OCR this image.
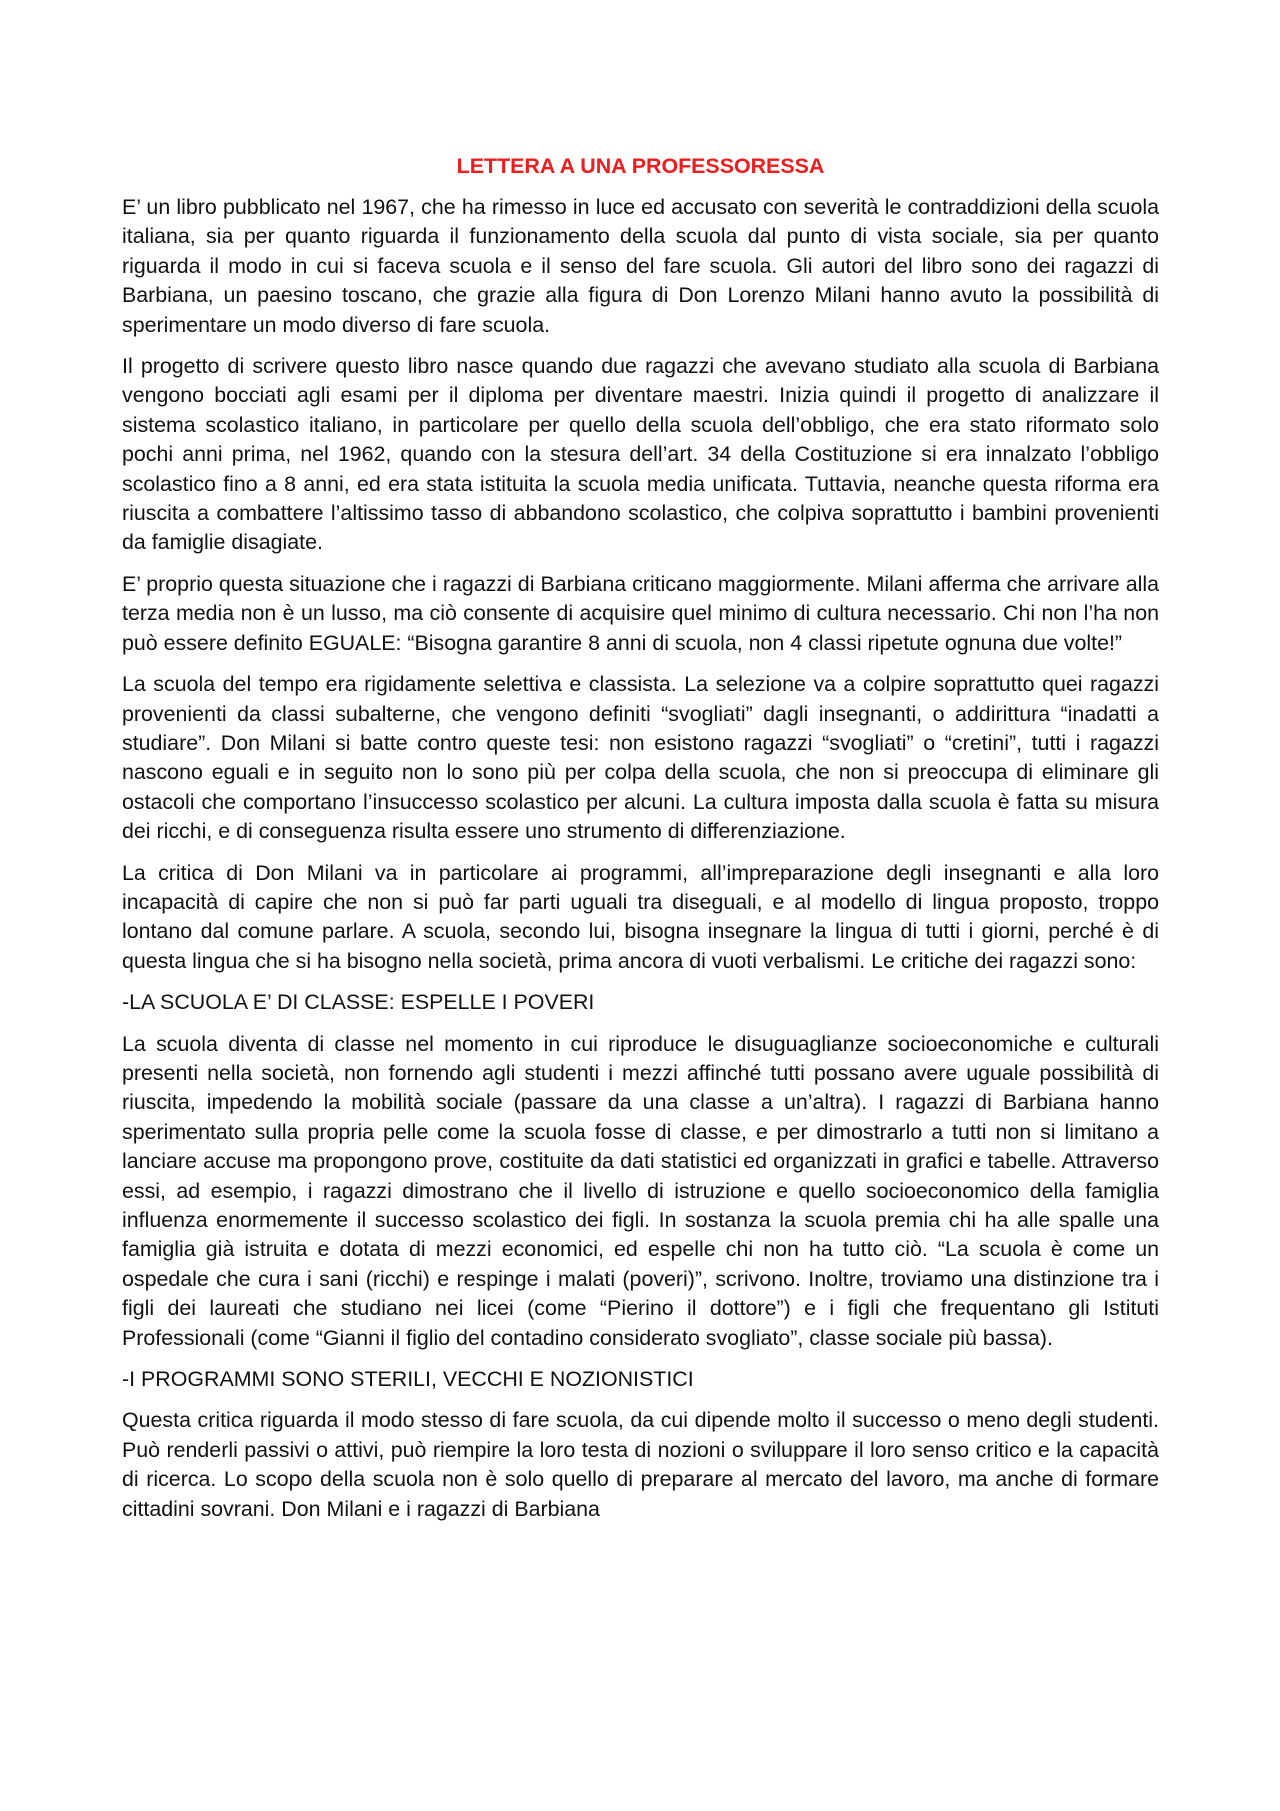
LETTERA A UNA PROFESSORESSA

E’ un libro pubblicato nel 1967, che ha rimesso in luce ed accusato con severità le contraddizioni della scuola italiana, sia per quanto riguarda il funzionamento della scuola dal punto di vista sociale, sia per quanto riguarda il modo in cui si faceva scuola e il senso del fare scuola. Gli autori del libro sono dei ragazzi di Barbiana, un paesino toscano, che grazie alla figura di Don Lorenzo Milani hanno avuto la possibilità di sperimentare un modo diverso di fare scuola.

Il progetto di scrivere questo libro nasce quando due ragazzi che avevano studiato alla scuola di Barbiana vengono bocciati agli esami per il diploma per diventare maestri. Inizia quindi il progetto di analizzare il sistema scolastico italiano, in particolare per quello della scuola dell’obbligo, che era stato riformato solo pochi anni prima, nel 1962, quando con la stesura dell’art. 34 della Costituzione si era innalzato l’obbligo scolastico fino a 8 anni, ed era stata istituita la scuola media unificata. Tuttavia, neanche questa riforma era riuscita a combattere l’altissimo tasso di abbandono scolastico, che colpiva soprattutto i bambini provenienti da famiglie disagiate.

E’ proprio questa situazione che i ragazzi di Barbiana criticano maggiormente. Milani afferma che arrivare alla terza media non è un lusso, ma ciò consente di acquisire quel minimo di cultura necessario. Chi non l’ha non può essere definito EGUALE: “Bisogna garantire 8 anni di scuola, non 4 classi ripetute ognuna due volte!”

La scuola del tempo era rigidamente selettiva e classista. La selezione va a colpire soprattutto quei ragazzi provenienti da classi subalterne, che vengono definiti “svogliati” dagli insegnanti, o addirittura “inadatti a studiare”. Don Milani si batte contro queste tesi: non esistono ragazzi “svogliati” o “cretini”, tutti i ragazzi nascono eguali e in seguito non lo sono più per colpa della scuola, che non si preoccupa di eliminare gli ostacoli che comportano l’insuccesso scolastico per alcuni. La cultura imposta dalla scuola è fatta su misura dei ricchi, e di conseguenza risulta essere uno strumento di differenziazione.

La critica di Don Milani va in particolare ai programmi, all’impreparazione degli insegnanti e alla loro incapacità di capire che non si può far parti uguali tra diseguali, e al modello di lingua proposto, troppo lontano dal comune parlare. A scuola, secondo lui, bisogna insegnare la lingua di tutti i giorni, perché è di questa lingua che si ha bisogno nella società, prima ancora di vuoti verbalismi. Le critiche dei ragazzi sono:

-LA SCUOLA E’ DI CLASSE: ESPELLE I POVERI

La scuola diventa di classe nel momento in cui riproduce le disuguaglianze socioeconomiche e culturali presenti nella società, non fornendo agli studenti i mezzi affinché tutti possano avere uguale possibilità di riuscita, impedendo la mobilità sociale (passare da una classe a un’altra). I ragazzi di Barbiana hanno sperimentato sulla propria pelle come la scuola fosse di classe, e per dimostrarlo a tutti non si limitano a lanciare accuse ma propongono prove, costituite da dati statistici ed organizzati in grafici e tabelle. Attraverso essi, ad esempio, i ragazzi dimostrano che il livello di istruzione e quello socioeconomico della famiglia influenza enormemente il successo scolastico dei figli. In sostanza la scuola premia chi ha alle spalle una famiglia già istruita e dotata di mezzi economici, ed espelle chi non ha tutto ciò. “La scuola è come un ospedale che cura i sani (ricchi) e respinge i malati (poveri)”, scrivono. Inoltre, troviamo una distinzione tra i figli dei laureati che studiano nei licei (come “Pierino il dottore”) e i figli che frequentano gli Istituti Professionali (come “Gianni il figlio del contadino considerato svogliato”, classe sociale più bassa).

-I PROGRAMMI SONO STERILI, VECCHI E NOZIONISTICI

Questa critica riguarda il modo stesso di fare scuola, da cui dipende molto il successo o meno degli studenti. Può renderli passivi o attivi, può riempire la loro testa di nozioni o sviluppare il loro senso critico e la capacità di ricerca. Lo scopo della scuola non è solo quello di preparare al mercato del lavoro, ma anche di formare cittadini sovrani. Don Milani e i ragazzi di Barbiana
